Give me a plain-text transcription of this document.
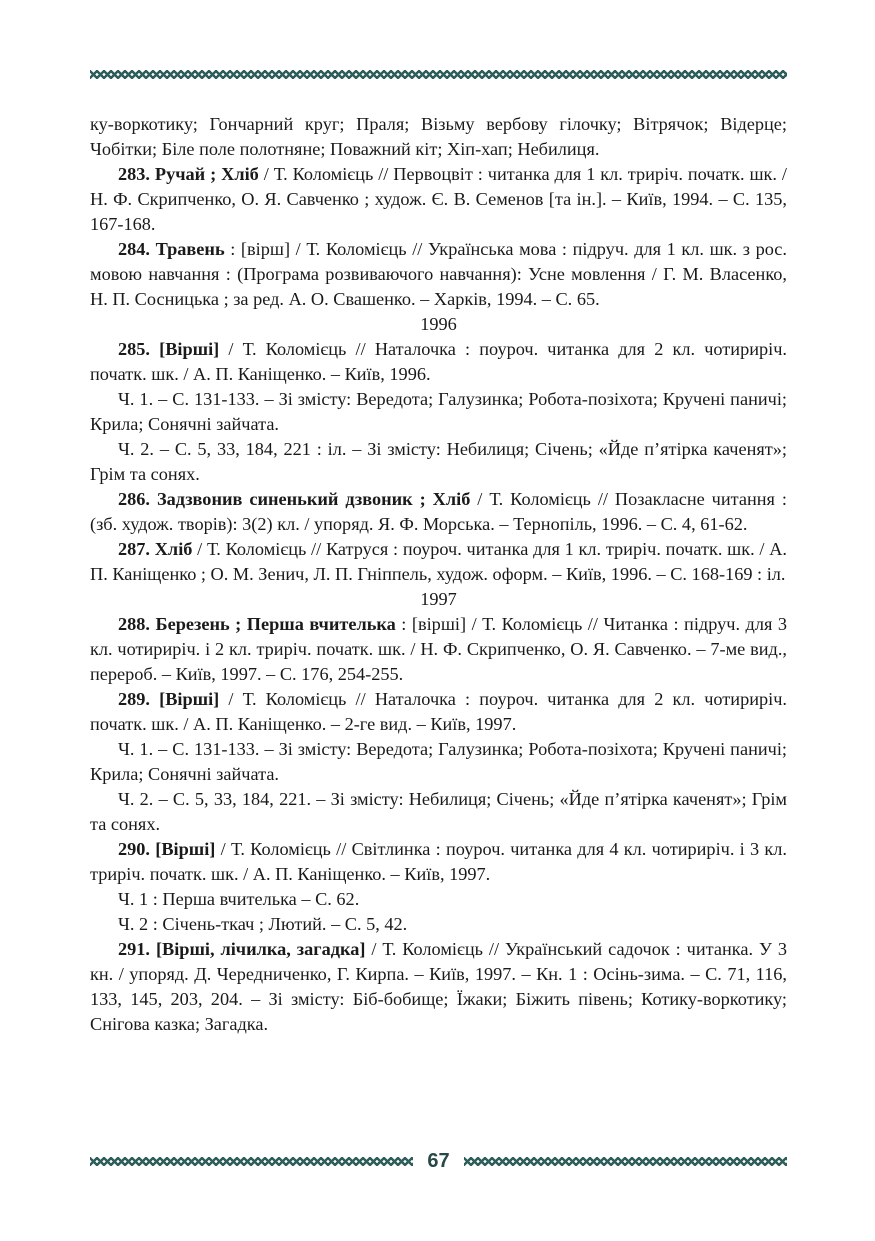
ку-воркотику; Гончарний круг; Праля; Візьму вербову гілочку; Вітрячок; Відерце; Чобітки; Біле поле полотняне; Поважний кіт; Хіп-хап; Небилиця.

283. Ручай ; Хліб / Т. Коломієць // Первоцвіт : читанка для 1 кл. триріч. початк. шк. / Н. Ф. Скрипченко, О. Я. Савченко ; худож. Є. В. Семенов [та ін.]. – Київ, 1994. – С. 135, 167-168.

284. Травень : [вірш] / Т. Коломієць // Українська мова : підруч. для 1 кл. шк. з рос. мовою навчання : (Програма розвиваючого навчання): Усне мовлення / Г. М. Власенко, Н. П. Сосницька ; за ред. А. О. Свашенко. – Харків, 1994. – С. 65.

1996

285. [Вірші] / Т. Коломієць // Наталочка : поуроч. читанка для 2 кл. чотириріч. початк. шк. / А. П. Каніщенко. – Київ, 1996.

Ч. 1. – С. 131-133. – Зі змісту: Вередота; Галузинка; Робота-позіхота; Кручені паничі; Крила; Сонячні зайчата.

Ч. 2. – С. 5, 33, 184, 221 : іл. – Зі змісту: Небилиця; Січень; «Йде п’ятірка каченят»; Грім та сонях.

286. Задзвонив синенький дзвоник ; Хліб / Т. Коломієць // Позакласне читання : (зб. худож. творів): 3(2) кл. / упоряд. Я. Ф. Морська. – Тернопіль, 1996. – С. 4, 61-62.

287. Хліб / Т. Коломієць // Катруся : поуроч. читанка для 1 кл. триріч. початк. шк. / А. П. Каніщенко ; О. М. Зенич, Л. П. Гніппель, худож. оформ. – Київ, 1996. – С. 168-169 : іл.

1997

288. Березень ; Перша вчителька : [вірші] / Т. Коломієць // Читанка : підруч. для 3 кл. чотириріч. і 2 кл. триріч. початк. шк. / Н. Ф. Скрипченко, О. Я. Савченко. – 7-ме вид., перероб. – Київ, 1997. – С. 176, 254-255.

289. [Вірші] / Т. Коломієць // Наталочка : поуроч. читанка для 2 кл. чотириріч. початк. шк. / А. П. Каніщенко. – 2-ге вид. – Київ, 1997.

Ч. 1. – С. 131-133. – Зі змісту: Вередота; Галузинка; Робота-позіхота; Кручені паничі; Крила; Сонячні зайчата.

Ч. 2. – С. 5, 33, 184, 221. – Зі змісту: Небилиця; Січень; «Йде п’ятірка каченят»; Грім та сонях.

290. [Вірші] / Т. Коломієць // Світлинка : поуроч. читанка для 4 кл. чотириріч. і 3 кл. триріч. початк. шк. / А. П. Каніщенко. – Київ, 1997.

Ч. 1 : Перша вчителька – С. 62.

Ч. 2 : Січень-ткач ; Лютий. – С. 5, 42.

291. [Вірші, лічилка, загадка] / Т. Коломієць // Український садочок : читанка. У 3 кн. / упоряд. Д. Чередниченко, Г. Кирпа. – Київ, 1997. – Кн. 1 : Осінь-зима. – С. 71, 116, 133, 145, 203, 204. – Зі змісту: Біб-бобище; Їжаки; Біжить півень; Котику-воркотику; Снігова казка; Загадка.

67
